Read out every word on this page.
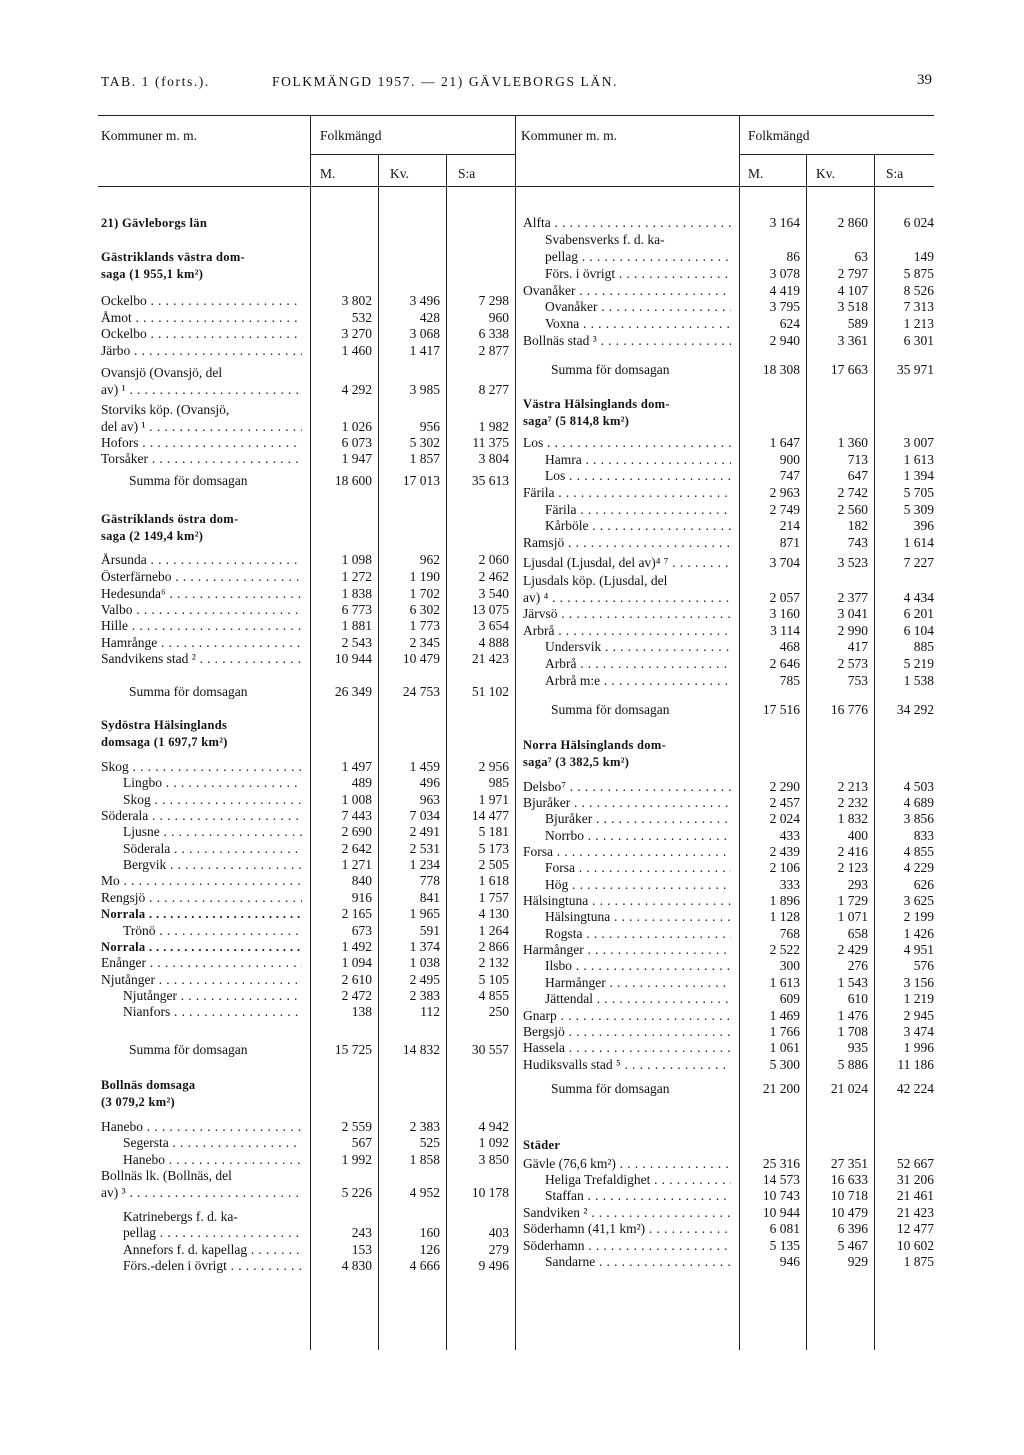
TAB. 1 (forts.).	FOLKMÄNGD 1957. — 21) GÄVLEBORGS LÄN.	39
Kommuner m. m.	Folkmängd	Kommuner m. m.	Folkmängd
M.	Kv.	S:a	M.	Kv.	S:a
21) Gävleborgs län
Gästriklands västra dom-
saga (1 955,1 km²)
Ockelbo . . .	3 802	3 496	7 298
Åmot . . .	532	428	960
Ockelbo . . .	3 270	3 068	6 338
Järbo . . .	1 460	1 417	2 877
Ovansjö (Ovansjö, del
av) ¹ . . .	4 292	3 985	8 277
Storviks köp. (Ovansjö,
del av) ¹ . . .	1 026	956	1 982
Hofors . . .	6 073	5 302	11 375
Torsåker . . .	1 947	1 857	3 804
Summa för domsagan	18 600	17 013	35 613
Gästriklands östra dom-
saga (2 149,4 km²)
Årsunda . . .	1 098	962	2 060
Österfärnebo . . .	1 272	1 190	2 462
Hedesunda⁶ . . .	1 838	1 702	3 540
Valbo . . .	6 773	6 302	13 075
Hille . . .	1 881	1 773	3 654
Hamrånge . . .	2 543	2 345	4 888
Sandvikens stad ² . . .	10 944	10 479	21 423
Summa för domsagan	26 349	24 753	51 102
Sydöstra Hälsinglands
domsaga (1 697,7 km²)
Skog . . .	1 497	1 459	2 956
Lingbo . . .	489	496	985
Skog . . .	1 008	963	1 971
Söderala . . .	7 443	7 034	14 477
Ljusne . . .	2 690	2 491	5 181
Söderala . . .	2 642	2 531	5 173
Bergvik . . .	1 271	1 234	2 505
Mo . . .	840	778	1 618
Rengsjö . . .	916	841	1 757
Norrala . . .	2 165	1 965	4 130
Trönö . . .	673	591	1 264
Norrala . . .	1 492	1 374	2 866
Enånger . . .	1 094	1 038	2 132
Njutånger . . .	2 610	2 495	5 105
Njutånger . . .	2 472	2 383	4 855
Nianfors . . .	138	112	250
Summa för domsagan	15 725	14 832	30 557
Bollnäs domsaga
(3 079,2 km²)
Hanebo . . .	2 559	2 383	4 942
Segersta . . .	567	525	1 092
Hanebo . . .	1 992	1 858	3 850
Bollnäs lk. (Bollnäs, del
av) ³ . . .	5 226	4 952	10 178
Katrinebergs f. d. ka-
pellag . . .	243	160	403
Annefors f. d. kapellag . . .	153	126	279
Förs.-delen i övrigt . . .	4 830	4 666	9 496
Alfta . . .	3 164	2 860	6 024
Svabensverks f. d. ka-
pellag . . .	86	63	149
Förs. i övrigt . . .	3 078	2 797	5 875
Ovanåker . . .	4 419	4 107	8 526
Ovanåker . . .	3 795	3 518	7 313
Voxna . . .	624	589	1 213
Bollnäs stad ³ . . .	2 940	3 361	6 301
Summa för domsagan	18 308	17 663	35 971
Västra Hälsinglands dom-
saga⁷ (5 814,8 km²)
Los . . .	1 647	1 360	3 007
Hamra . . .	900	713	1 613
Los . . .	747	647	1 394
Färila . . .	2 963	2 742	5 705
Färila . . .	2 749	2 560	5 309
Kårböle . . .	214	182	396
Ramsjö . . .	871	743	1 614
Ljusdal (Ljusdal, del av)⁴ ⁷ . . .	3 704	3 523	7 227
Ljusdals köp. (Ljusdal, del
av) ⁴ . . .	2 057	2 377	4 434
Järvsö . . .	3 160	3 041	6 201
Arbrå . . .	3 114	2 990	6 104
Undersvik . . .	468	417	885
Arbrå . . .	2 646	2 573	5 219
Arbrå m:e . . .	785	753	1 538
Summa för domsagan	17 516	16 776	34 292
Norra Hälsinglands dom-
saga⁷ (3 382,5 km²)
Delsbo⁷ . . .	2 290	2 213	4 503
Bjuråker . . .	2 457	2 232	4 689
Bjuråker . . .	2 024	1 832	3 856
Norrbo . . .	433	400	833
Forsa . . .	2 439	2 416	4 855
Forsa . . .	2 106	2 123	4 229
Hög . . .	333	293	626
Hälsingtuna . . .	1 896	1 729	3 625
Hälsingtuna . . .	1 128	1 071	2 199
Rogsta . . .	768	658	1 426
Harmånger . . .	2 522	2 429	4 951
Ilsbo . . .	300	276	576
Harmånger . . .	1 613	1 543	3 156
Jättendal . . .	609	610	1 219
Gnarp . . .	1 469	1 476	2 945
Bergsjö . . .	1 766	1 708	3 474
Hassela . . .	1 061	935	1 996
Hudiksvalls stad ⁵ . . .	5 300	5 886	11 186
Summa för domsagan	21 200	21 024	42 224
Städer
Gävle (76,6 km²) . . .	25 316	27 351	52 667
Heliga Trefaldighet . . .	14 573	16 633	31 206
Staffan . . .	10 743	10 718	21 461
Sandviken ² . . .	10 944	10 479	21 423
Söderhamn (41,1 km²) . . .	6 081	6 396	12 477
Söderhamn . . .	5 135	5 467	10 602
Sandarne . . .	946	929	1 875
